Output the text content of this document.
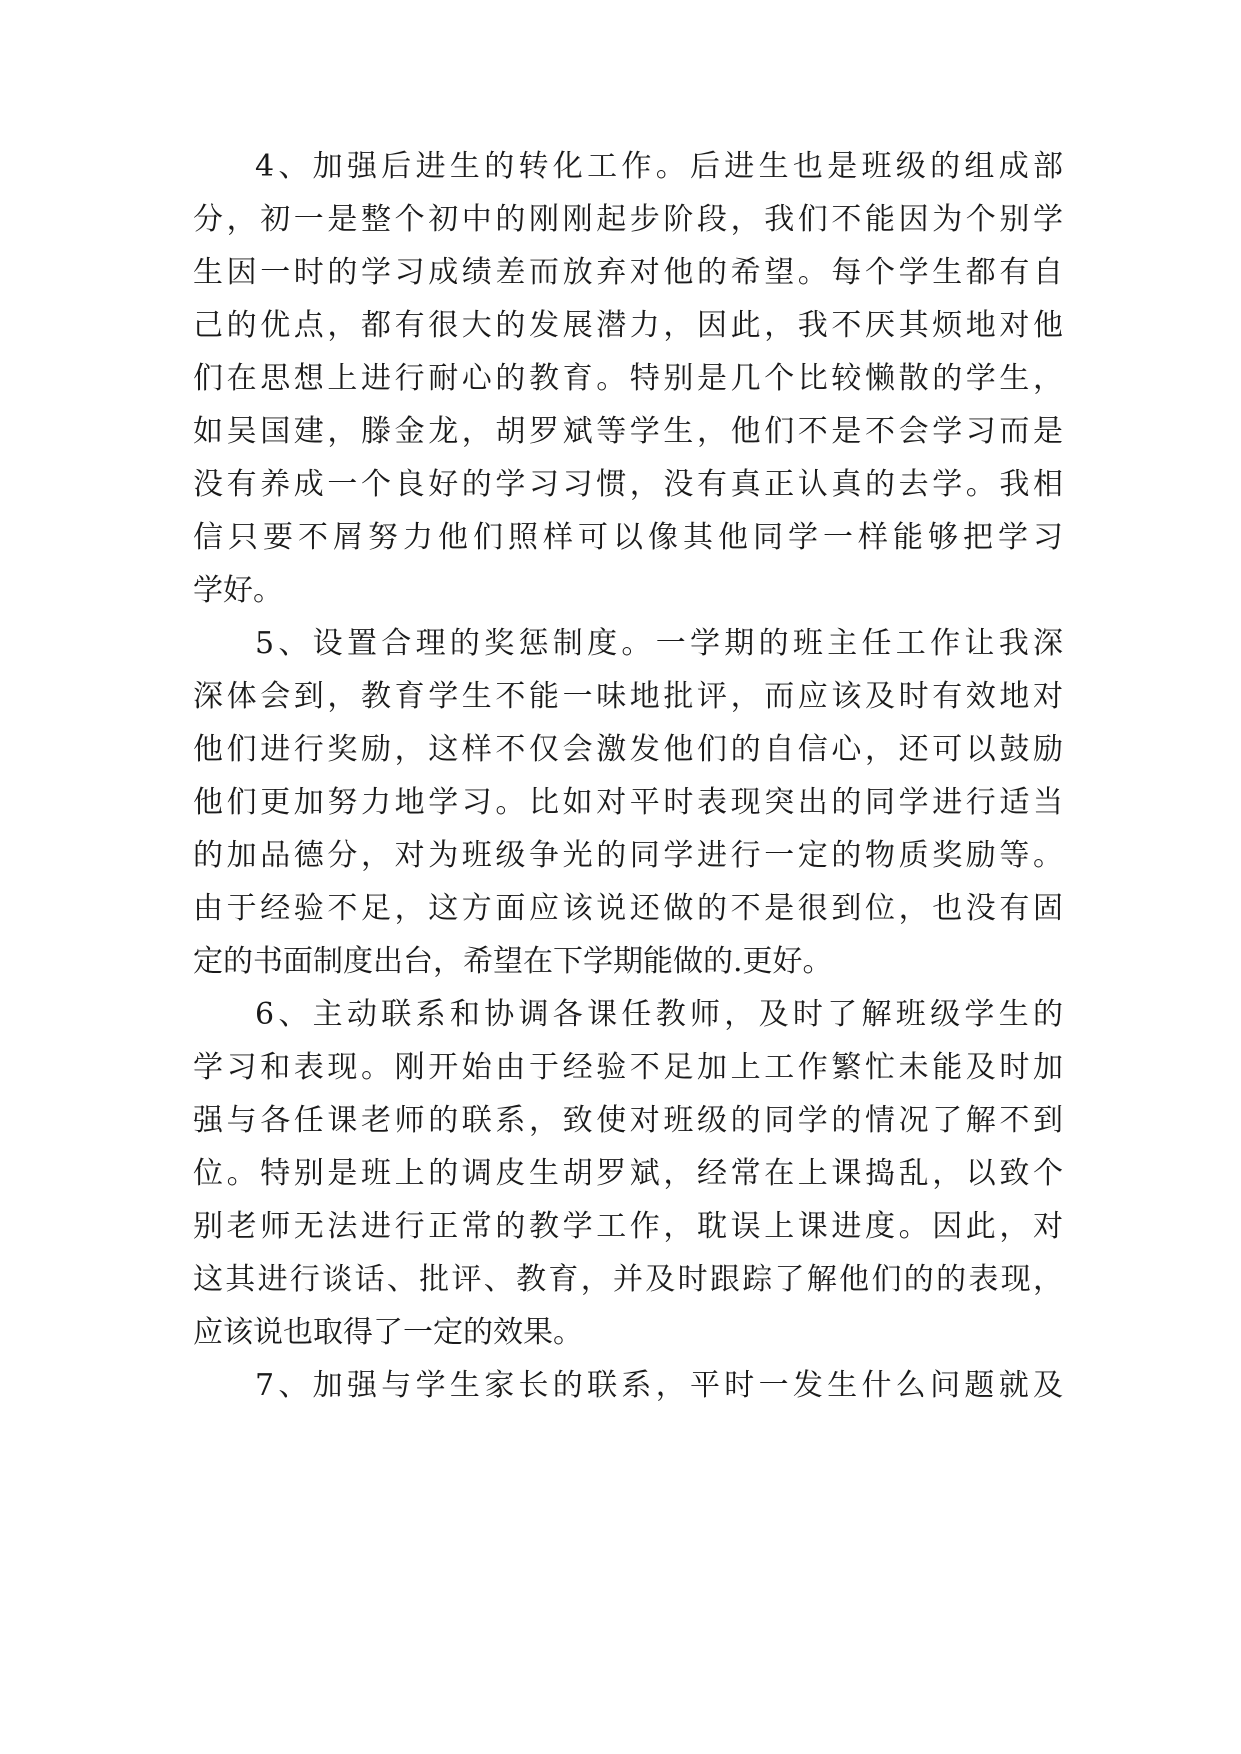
4、加强后进生的转化工作。后进生也是班级的组成部
分，初一是整个初中的刚刚起步阶段，我们不能因为个别学
生因一时的学习成绩差而放弃对他的希望。每个学生都有自
己的优点，都有很大的发展潜力，因此，我不厌其烦地对他
们在思想上进行耐心的教育。特别是几个比较懒散的学生，
如吴国建，滕金龙，胡罗斌等学生，他们不是不会学习而是
没有养成一个良好的学习习惯，没有真正认真的去学。我相
信只要不屑努力他们照样可以像其他同学一样能够把学习
学好。
5、设置合理的奖惩制度。一学期的班主任工作让我深
深体会到，教育学生不能一味地批评，而应该及时有效地对
他们进行奖励，这样不仅会激发他们的自信心，还可以鼓励
他们更加努力地学习。比如对平时表现突出的同学进行适当
的加品德分，对为班级争光的同学进行一定的物质奖励等。
由于经验不足，这方面应该说还做的不是很到位，也没有固
定的书面制度出台，希望在下学期能做的.更好。
6、主动联系和协调各课任教师，及时了解班级学生的
学习和表现。刚开始由于经验不足加上工作繁忙未能及时加
强与各任课老师的联系，致使对班级的同学的情况了解不到
位。特别是班上的调皮生胡罗斌，经常在上课捣乱，以致个
别老师无法进行正常的教学工作，耽误上课进度。因此，对
这其进行谈话、批评、教育，并及时跟踪了解他们的的表现，
应该说也取得了一定的效果。
7、加强与学生家长的联系，平时一发生什么问题就及
